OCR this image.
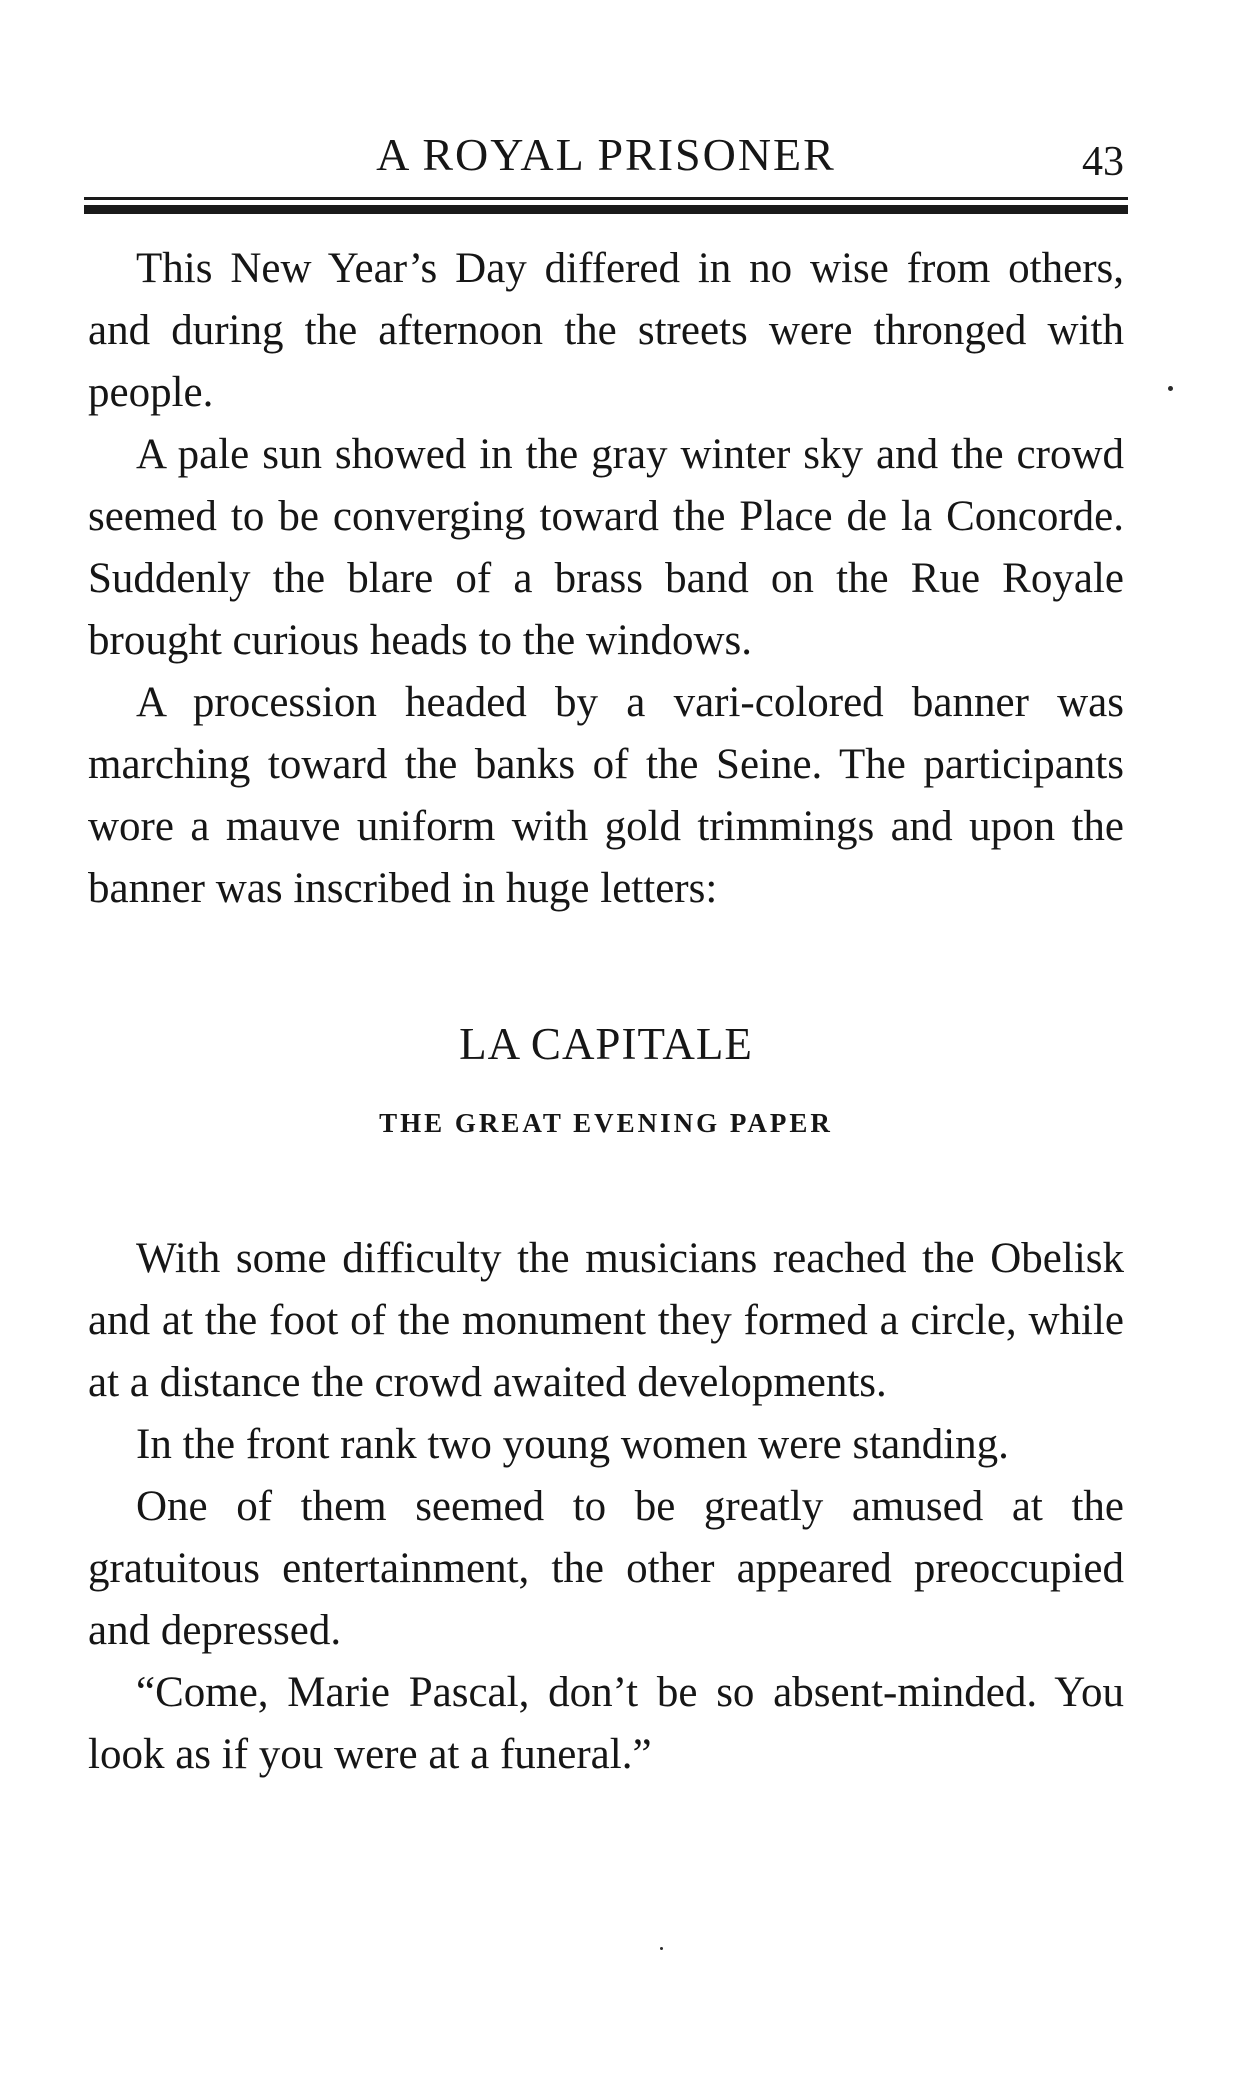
A ROYAL PRISONER	43

This New Year’s Day differed in no wise from others, and during the afternoon the streets were thronged with people.

A pale sun showed in the gray winter sky and the crowd seemed to be converging toward the Place de la Concorde. Suddenly the blare of a brass band on the Rue Royale brought curious heads to the windows.

A procession headed by a vari-colored banner was marching toward the banks of the Seine. The participants wore a mauve uniform with gold trimmings and upon the banner was inscribed in huge letters:

LA CAPITALE
THE GREAT EVENING PAPER

With some difficulty the musicians reached the Obelisk and at the foot of the monument they formed a circle, while at a distance the crowd awaited developments.

In the front rank two young women were standing.

One of them seemed to be greatly amused at the gratuitous entertainment, the other appeared preoccupied and depressed.

“Come, Marie Pascal, don’t be so absent-minded. You look as if you were at a funeral.”
